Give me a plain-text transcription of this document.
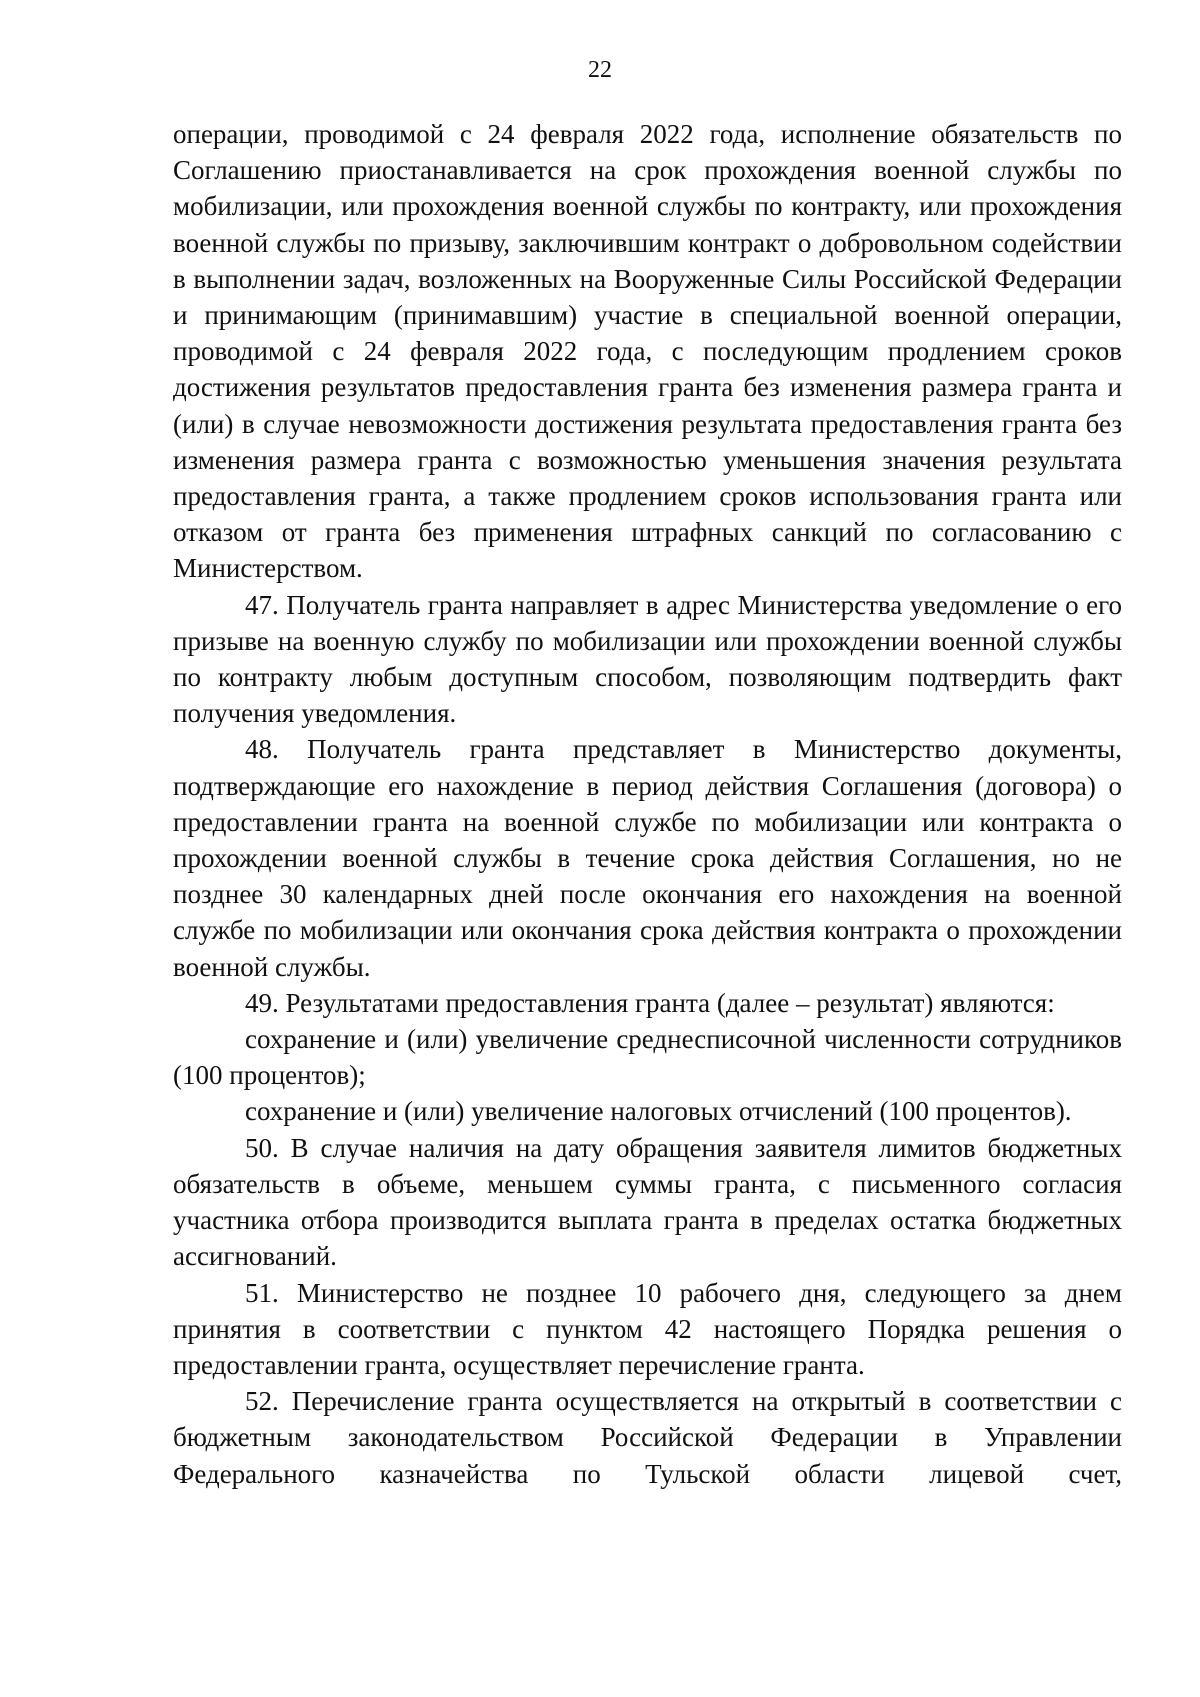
22

операции, проводимой с 24 февраля 2022 года, исполнение обязательств по Соглашению приостанавливается на срок прохождения военной службы по мобилизации, или прохождения военной службы по контракту, или прохождения военной службы по призыву, заключившим контракт о добровольном содействии в выполнении задач, возложенных на Вооруженные Силы Российской Федерации и принимающим (принимавшим) участие в специальной военной операции, проводимой с 24 февраля 2022 года, с последующим продлением сроков достижения результатов предоставления гранта без изменения размера гранта и (или) в случае невозможности достижения результата предоставления гранта без изменения размера гранта с возможностью уменьшения значения результата предоставления гранта, а также продлением сроков использования гранта или отказом от гранта без применения штрафных санкций по согласованию с Министерством.

47. Получатель гранта направляет в адрес Министерства уведомление о его призыве на военную службу по мобилизации или прохождении военной службы по контракту любым доступным способом, позволяющим подтвердить факт получения уведомления.

48. Получатель гранта представляет в Министерство документы, подтверждающие его нахождение в период действия Соглашения (договора) о предоставлении гранта на военной службе по мобилизации или контракта о прохождении военной службы в течение срока действия Соглашения, но не позднее 30 календарных дней после окончания его нахождения на военной службе по мобилизации или окончания срока действия контракта о прохождении военной службы.

49. Результатами предоставления гранта (далее – результат) являются:

сохранение и (или) увеличение среднесписочной численности сотрудников (100 процентов);

сохранение и (или) увеличение налоговых отчислений (100 процентов).

50. В случае наличия на дату обращения заявителя лимитов бюджетных обязательств в объеме, меньшем суммы гранта, с письменного согласия участника отбора производится выплата гранта в пределах остатка бюджетных ассигнований.

51. Министерство не позднее 10 рабочего дня, следующего за днем принятия в соответствии с пунктом 42 настоящего Порядка решения о предоставлении гранта, осуществляет перечисление гранта.

52. Перечисление гранта осуществляется на открытый в соответствии с бюджетным законодательством Российской Федерации в Управлении Федерального казначейства по Тульской области лицевой счет,
